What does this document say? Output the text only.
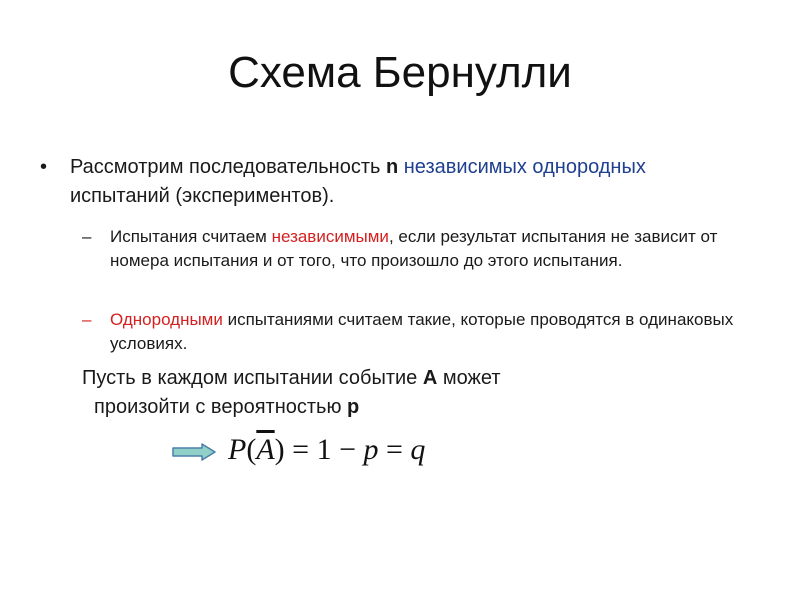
Схема Бернулли
• Рассмотрим последовательность n независимых однородных испытаний (экспериментов).
– Испытания считаем независимыми, если результат испытания не зависит от номера испытания и от того, что произошло до этого испытания.
– Однородными испытаниями считаем такие, которые проводятся в одинаковых условиях.
Пусть в каждом испытании событие А может
произойти с вероятностью р
$P(\overline{A}) = 1 - p = q$
